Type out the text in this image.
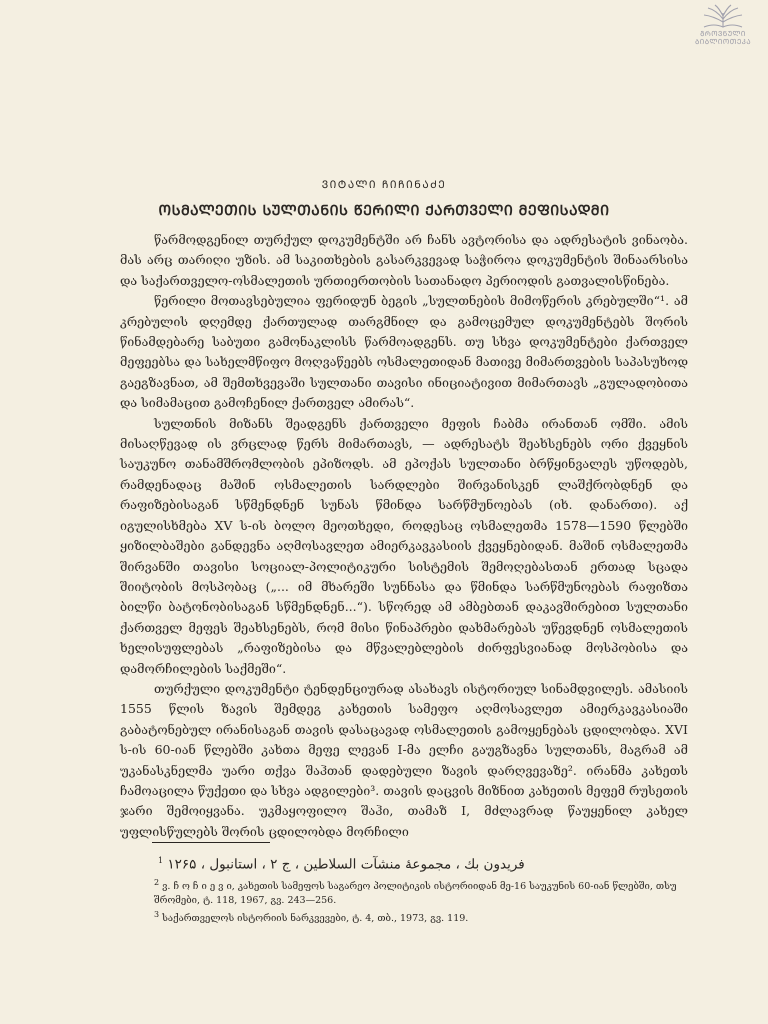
ᲒᲠᲝᲕᲜᲣᲚᲘ
ᲑᲘᲑᲚᲘᲝᲗᲔᲙᲐ
ᲕᲘᲢᲐᲚᲘ ᲩᲘᲩᲘᲜᲐᲫᲔ
ᲝᲡᲛᲐᲚᲔᲗᲘᲡ ᲡᲣᲚᲗᲐᲜᲘᲡ ᲬᲔᲠᲘᲚᲘ ᲥᲐᲠᲗᲕᲔᲚᲘ ᲛᲔᲤᲘᲡᲐᲓᲛᲘ

წარმოდგენილ თურქულ დოკუმენტში არ ჩანს ავტორისა და ადრესატის ვინაობა. მას არც თარიღი უზის. ამ საკითხების გასარკვევად საჭიროა დოკუმენტის შინაარსისა და საქართველო-ოსმალეთის ურთიერთობის სათანადო პერიოდის გათვალისწინება.

წერილი მოთავსებულია ფერიდუნ ბეგის „სულთნების მიმოწერის კრებულში“¹. ამ კრებულის დღემდე ქართულად თარგმნილ და გამოცემულ დოკუმენტებს შორის წინამდებარე საბუთი გამონაკლისს წარმოადგენს. თუ სხვა დოკუმენტები ქართველ მეფეებსა და სახელმწიფო მოღვაწეებს ოსმალეთიდან მათივე მიმართვების საპასუხოდ გაეგზავნათ, ამ შემთხვევაში სულთანი თავისი ინიციატივით მიმართავს „გულადობითა და სიმამაცით გამოჩენილ ქართველ ამირას“.

სულთნის მიზანს შეადგენს ქართველი მეფის ჩაბმა ირანთან ომში. ამის მისაღწევად ის ვრცლად წერს მიმართავს, — ადრესატს შეახსენებს ორი ქვეყნის საუკუნო თანამშრომლობის ეპიზოდს. ამ ეპოქას სულთანი ბრწყინვალეს უწოდებს, რამდენადაც მაშინ ოსმალეთის სარდლები შირვანისკენ ლაშქრობდნენ და რაფიზებისაგან სწმენდნენ სუნას წმინდა სარწმუნოებას (იხ. დანართი). აქ იგულისხმება XV ს-ის ბოლო მეოთხედი, როდესაც ოსმალეთმა 1578—1590 წლებში ყიზილბაშები განდევნა აღმოსავლეთ ამიერკავკასიის ქვეყნებიდან. მაშინ ოსმალეთმა შირვანში თავისი სოციალ-პოლიტიკური სისტემის შემოღებასთან ერთად სცადა შიიტობის მოსპობაც („... იმ მხარეში სუნნასა და წმინდა სარწმუნოებას რაფიზთა ბილწი ბატონობისაგან სწმენდნენ...“). სწორედ ამ ამბებთან დაკავშირებით სულთანი ქართველ მეფეს შეახსენებს, რომ მისი წინაპრები დახმარებას უწევდნენ ოსმალეთის ხელისუფლებას „რაფიზებისა და მწვალებლების ძირფესვიანად მოსპობისა და დამორჩილების საქმეში“.

თურქული დოკუმენტი ტენდენციურად ასახავს ისტორიულ სინამდვილეს. ამასიის 1555 წლის ზავის შემდეგ კახეთის სამეფო აღმოსავლეთ ამიერკავკასიაში გაბატონებულ ირანისაგან თავის დასაცავად ოსმალეთის გამოყენებას ცდილობდა. XVI ს-ის 60-იან წლებში კახთა მეფე ლევან I-მა ელჩი გაუგზავნა სულთანს, მაგრამ ამ უკანასკნელმა უარი თქვა შაჰთან დადებული ზავის დარღვევაზე². ირანმა კახეთს ჩამოაცილა წუქეთი და სხვა ადგილები³. თავის დაცვის მიზნით კახეთის მეფემ რუსეთის ჯარი შემოიყვანა. უკმაყოფილო შაჰი, თამაზ I, მძლავრად წაუყენილ კახელ უფლისწულებს შორის ცდილობდა მორჩილი

$^1$ فريدون بك ، مجموعهٔ منشآت السلاطين ، ج ۲ ، استانبول ، ۱۲۶۵

$^2$ ვ. ჩ ო ჩ ი ე ვ ი, კახეთის სამეფოს საგარეო პოლიტიკის ისტორიიდან მე-16 საუკუნის 60-იან წლებში, თსუ შრომები, ტ. 118, 1967, გვ. 243—256.

$^3$ საქართველოს ისტორიის ნარკვევები, ტ. 4, თბ., 1973, გვ. 119.
